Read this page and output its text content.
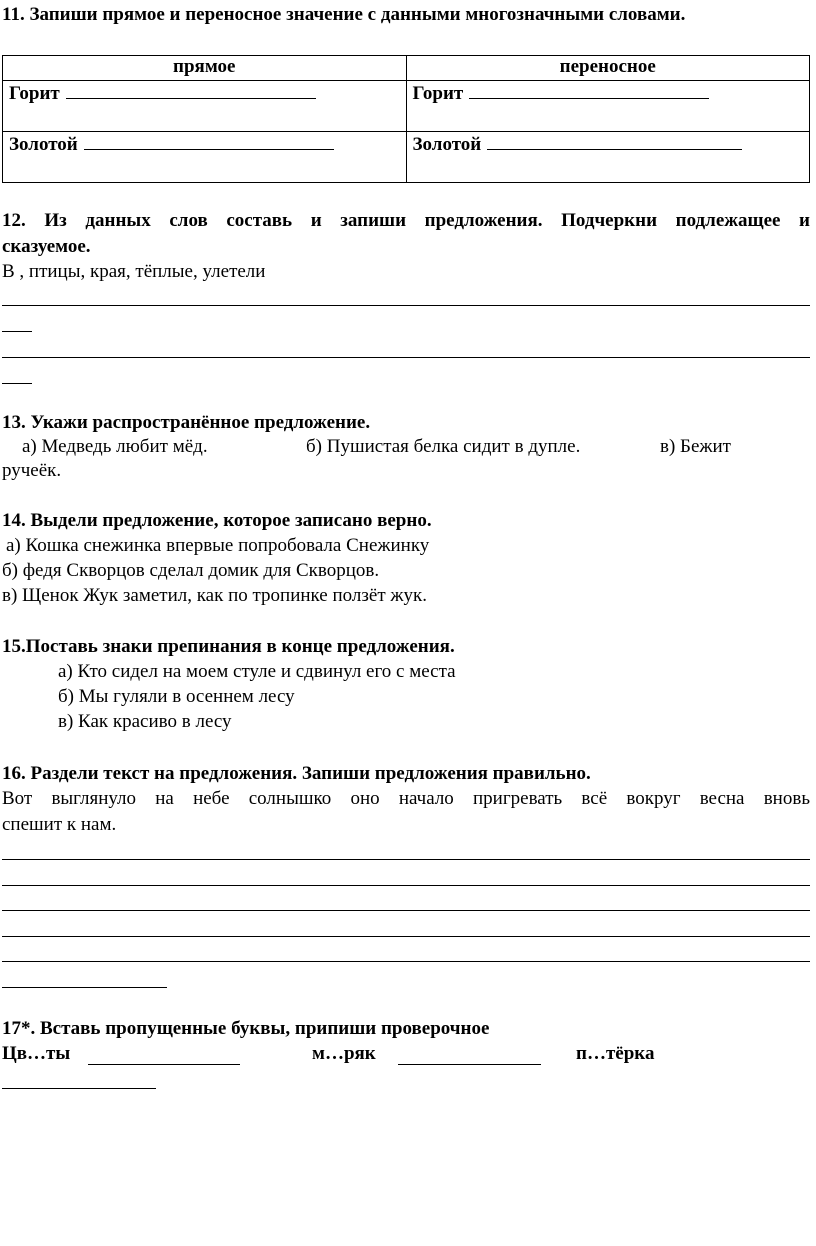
11. Запиши прямое и переносное значение с данными многозначными словами.
прямое	переносное
Горит	Горит
Золотой	Золотой
12. Из данных слов составь и запиши предложения. Подчеркни подлежащее и
сказуемое.
В , птицы, края, тёплые, улетели
13. Укажи распространённое предложение.
а) Медведь любит мёд.	б) Пушистая белка сидит в дупле.	в) Бежит
ручеёк.
14. Выдели предложение, которое записано верно.
а) Кошка снежинка впервые попробовала Снежинку
б) федя Скворцов сделал домик для Скворцов.
в) Щенок Жук заметил, как по тропинке ползёт жук.
15.Поставь знаки препинания в конце предложения.
а) Кто сидел на моем стуле и сдвинул его с места
б) Мы гуляли в осеннем лесу
в) Как красиво в лесу
16. Раздели текст на предложения. Запиши предложения правильно.
Вот выглянуло на небе солнышко оно начало пригревать всё вокруг весна вновь
спешит к нам.
17*. Вставь пропущенные буквы, припиши проверочное
Цв…ты	м…ряк	п…тёрка
